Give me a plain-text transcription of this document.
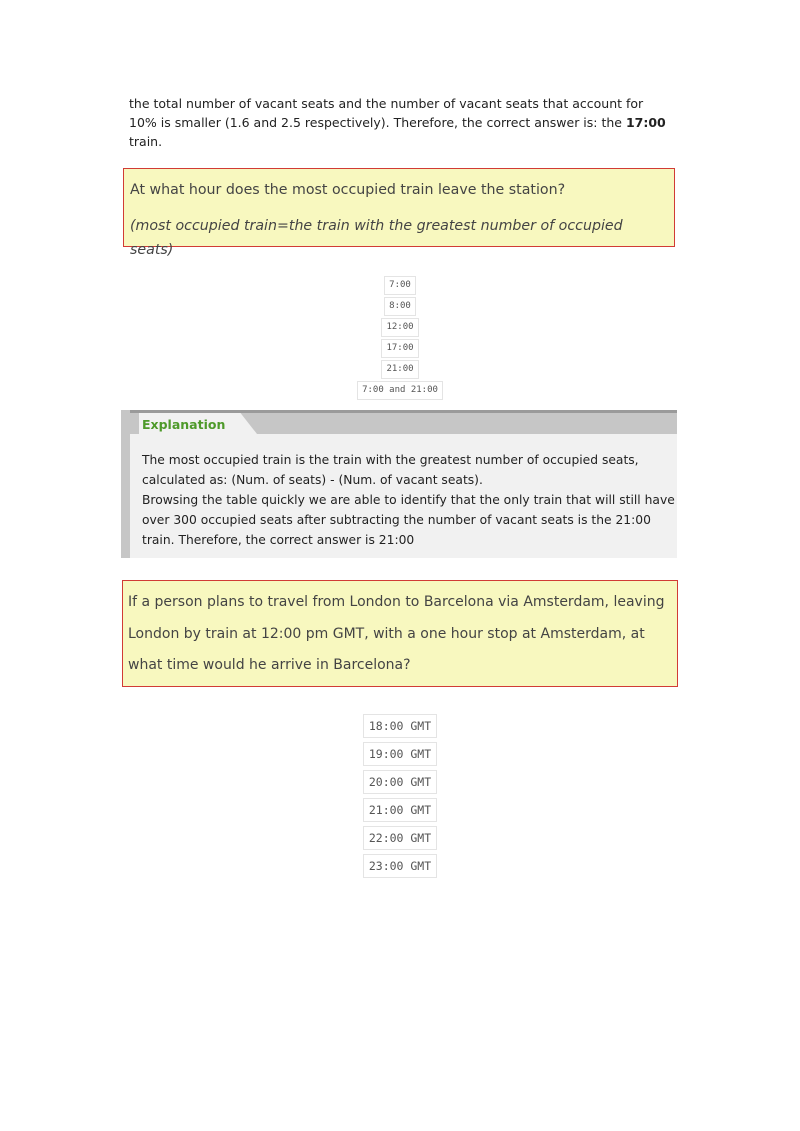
the total number of vacant seats and the number of vacant seats that account for
10% is smaller (1.6 and 2.5 respectively). Therefore, the correct answer is: the 17:00
train.
At what hour does the most occupied train leave the station?
(most occupied train=the train with the greatest number of occupied seats)
7:00
8:00
12:00
17:00
21:00
7:00 and 21:00
Explanation
The most occupied train is the train with the greatest number of occupied seats,
calculated as: (Num. of seats) - (Num. of vacant seats).
Browsing the table quickly we are able to identify that the only train that will still have
over 300 occupied seats after subtracting the number of vacant seats is the 21:00
train. Therefore, the correct answer is 21:00
If a person plans to travel from London to Barcelona via Amsterdam, leaving
London by train at 12:00 pm GMT, with a one hour stop at Amsterdam, at
what time would he arrive in Barcelona?
18:00 GMT
19:00 GMT
20:00 GMT
21:00 GMT
22:00 GMT
23:00 GMT
